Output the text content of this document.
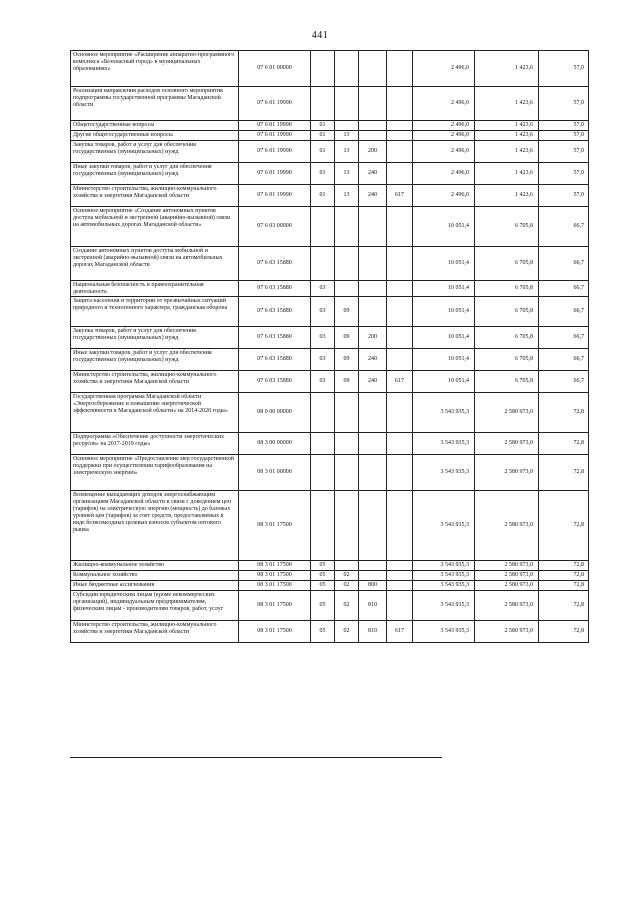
441
Основное мероприятие «Расширение аппаратно-программного комплекса «Безопасный город» в муниципальных образованиях»	07 6 01 00000					2 496,0	1 423,6	57,0
Реализация направления расходов основного мероприятия подпрограммы государственной программы Магаданской области	07 6 01 19990					2 496,0	1 423,6	57,0
Общегосударственные вопросы	07 6 01 19990	01				2 496,0	1 423,6	57,0
Другие общегосударственные вопросы	07 6 01 19990	01	13			2 496,0	1 423,6	57,0
Закупка товаров, работ и услуг для обеспечения государственных (муниципальных) нужд	07 6 01 19990	01	13	200		2 496,0	1 423,6	57,0
Иные закупки товаров, работ и услуг для обеспечения государственных (муниципальных) нужд	07 6 01 19990	01	13	240		2 496,0	1 423,6	57,0
Министерство строительства, жилищно-коммунального хозяйства и энергетики Магаданской области	07 6 01 19990	01	13	240	617	2 496,0	1 423,6	57,0
Основное мероприятие «Создание автономных пунктов доступа мобильной и экстренной (аварийно-вызывной) связи на автомобильных дорогах Магаданской области»	07 6 03 00000					10 051,4	6 705,8	66,7
Создание автономных пунктов доступа мобильной и экстренной (аварийно-вызывной) связи на автомобильных дорогах Магаданской области	07 6 03 15880					10 051,4	6 705,8	66,7
Национальная безопасность и правоохранительная деятельность	07 6 03 15880	03				10 051,4	6 705,8	66,7
Защита населения и территории от чрезвычайных ситуаций природного и техногенного характера, гражданская оборона	07 6 03 15880	03	09			10 051,4	6 705,8	66,7
Закупка товаров, работ и услуг для обеспечения государственных (муниципальных) нужд	07 6 03 15880	03	09	200		10 051,4	6 705,8	66,7
Иные закупки товаров, работ и услуг для обеспечения государственных (муниципальных) нужд	07 6 03 15880	03	09	240		10 051,4	6 705,8	66,7
Министерство строительства, жилищно-коммунального хозяйства и энергетики Магаданской области	07 6 03 15880	03	09	240	617	10 051,4	6 705,8	66,7
Государственная программа Магаданской области «Энергосбережение и повышение энергетической эффективности в Магаданской области» на 2014-2020 годы»	08 0 00 00000					3 543 935,3	2 580 973,0	72,8
Подпрограмма «Обеспечение доступности энергетических ресурсов» на 2017-2019 годы»	08 3 00 00000					3 543 935,3	2 580 973,0	72,8
Основное мероприятие «Предоставление мер государственной поддержки при осуществлении тарифообразования на электрическую энергию»	08 3 01 00000					3 543 935,3	2 580 973,0	72,8
Возмещение выпадающих доходов энергоснабжающим организациям Магаданской области в связи с доведением цен (тарифов) на электрическую энергию (мощность) до базовых уровней цен (тарифов) за счет средств, предоставляемых в виде безвозмездных целевых взносов субъектом оптового рынка	08 3 01 17500					3 543 935,3	2 580 973,0	72,8
Жилищно-коммунальное хозяйство	08 3 01 17500	05				3 543 935,3	2 580 973,0	72,8
Коммунальное хозяйство	08 3 01 17500	05	02			3 543 935,3	2 580 973,0	72,8
Иные бюджетные ассигнования	08 3 01 17500	05	02	800		3 543 935,3	2 580 973,0	72,8
Субсидии юридическим лицам (кроме некоммерческих организаций), индивидуальным предпринимателям, физическим лицам - производителям товаров, работ, услуг	08 3 01 17500	05	02	810		3 543 935,3	2 580 973,0	72,8
Министерство строительства, жилищно-коммунального хозяйства и энергетики Магаданской области	08 3 01 17500	05	02	810	617	3 543 935,3	2 580 973,0	72,8
